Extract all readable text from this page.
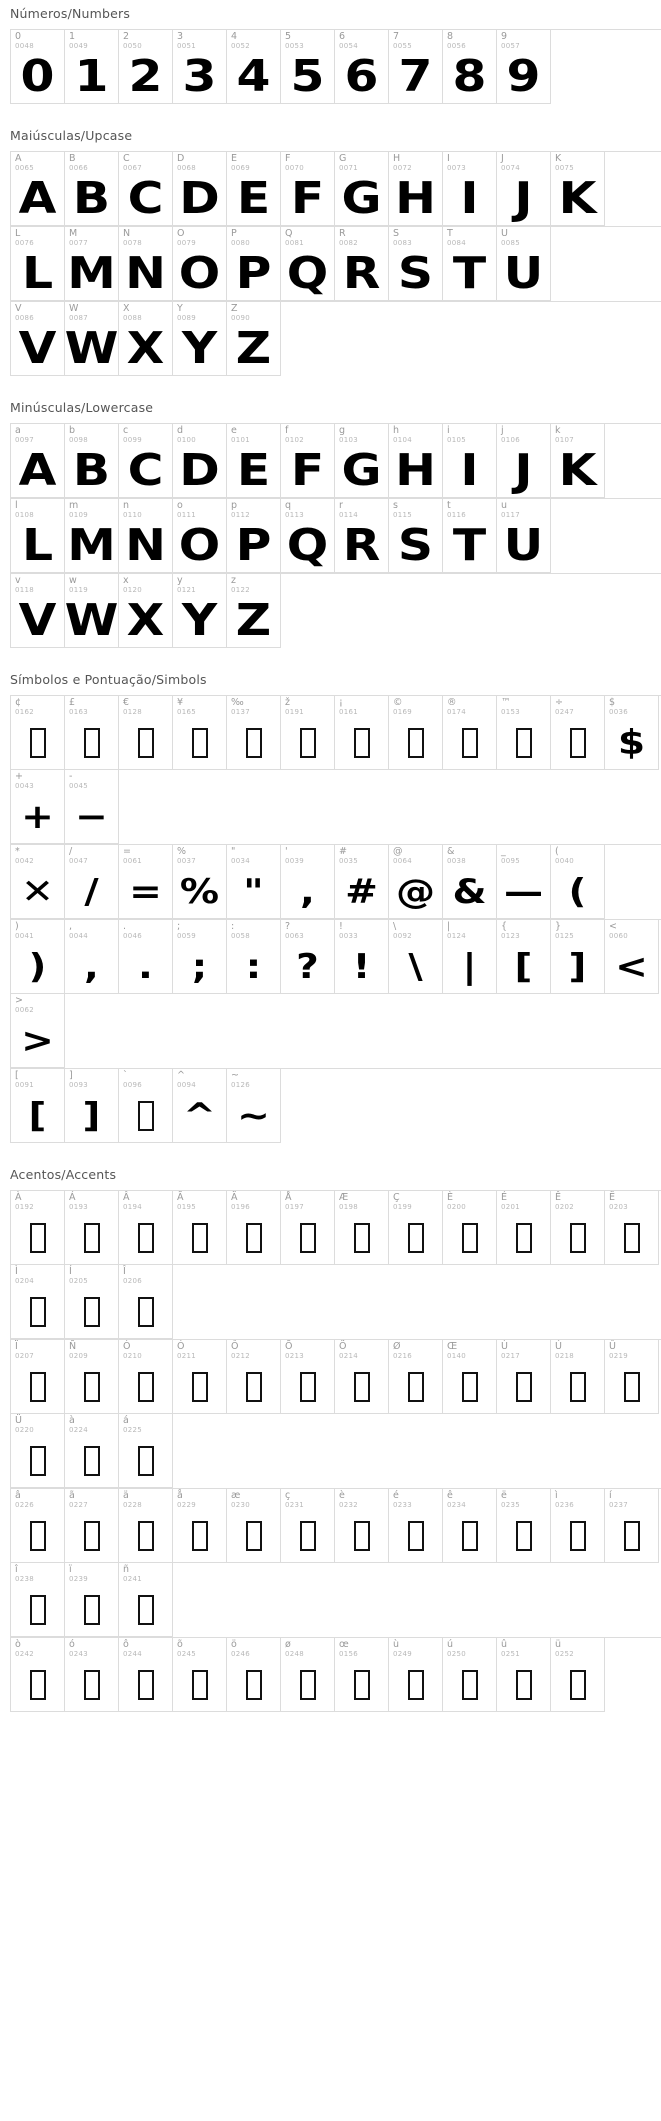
Números/Numbers
0
0048
0
1
0049
1
2
0050
2
3
0051
3
4
0052
4
5
0053
5
6
0054
6
7
0055
7
8
0056
8
9
0057
9
Maiúsculas/Upcase
A
0065
A
B
0066
B
C
0067
C
D
0068
D
E
0069
E
F
0070
F
G
0071
G
H
0072
H
I
0073
I
J
0074
J
K
0075
K
L
0076
L
M
0077
M
N
0078
N
O
0079
O
P
0080
P
Q
0081
Q
R
0082
R
S
0083
S
T
0084
T
U
0085
U
V
0086
V
W
0087
W
X
0088
X
Y
0089
Y
Z
0090
Z
Minúsculas/Lowercase
a
0097
A
b
0098
B
c
0099
C
d
0100
D
e
0101
E
f
0102
F
g
0103
G
h
0104
H
i
0105
I
j
0106
J
k
0107
K
l
0108
L
m
0109
M
n
0110
N
o
0111
O
p
0112
P
q
0113
Q
r
0114
R
s
0115
S
t
0116
T
u
0117
U
v
0118
V
w
0119
W
x
0120
X
y
0121
Y
z
0122
Z
Símbolos e Pontuação/Simbols
¢
0162
£
0163
€
0128
¥
0165
‰
0137
ž
0191
¡
0161
©
0169
®
0174
™
0153
÷
0247
$
0036
$
+
0043
+
-
0045
−
*
0042
✕
/
0047
/
=
0061
=
%
0037
%
"
0034
"
'
0039
,
#
0035
#
@
0064
@
&
0038
&
_
0095
—
(
0040
(
)
0041
)
,
0044
,
.
0046
.
;
0059
;
:
0058
:
?
0063
?
!
0033
!
\
0092
\
|
0124
|
{
0123
[
}
0125
]
<
0060
<
>
0062
>
[
0091
[
]
0093
]
`
0096
^
0094
^
~
0126
~
Acentos/Accents
À
0192
Á
0193
Â
0194
Ã
0195
Ä
0196
Å
0197
Æ
0198
Ç
0199
È
0200
É
0201
Ê
0202
Ë
0203
Ì
0204
Í
0205
Î
0206
Ï
0207
Ñ
0209
Ò
0210
Ó
0211
Ô
0212
Õ
0213
Ö
0214
Ø
0216
Œ
0140
Ù
0217
Ú
0218
Û
0219
Ü
0220
à
0224
á
0225
â
0226
ã
0227
ä
0228
å
0229
æ
0230
ç
0231
è
0232
é
0233
ê
0234
ë
0235
ì
0236
í
0237
î
0238
ï
0239
ñ
0241
ò
0242
ó
0243
ô
0244
õ
0245
ö
0246
ø
0248
œ
0156
ù
0249
ú
0250
û
0251
ü
0252
